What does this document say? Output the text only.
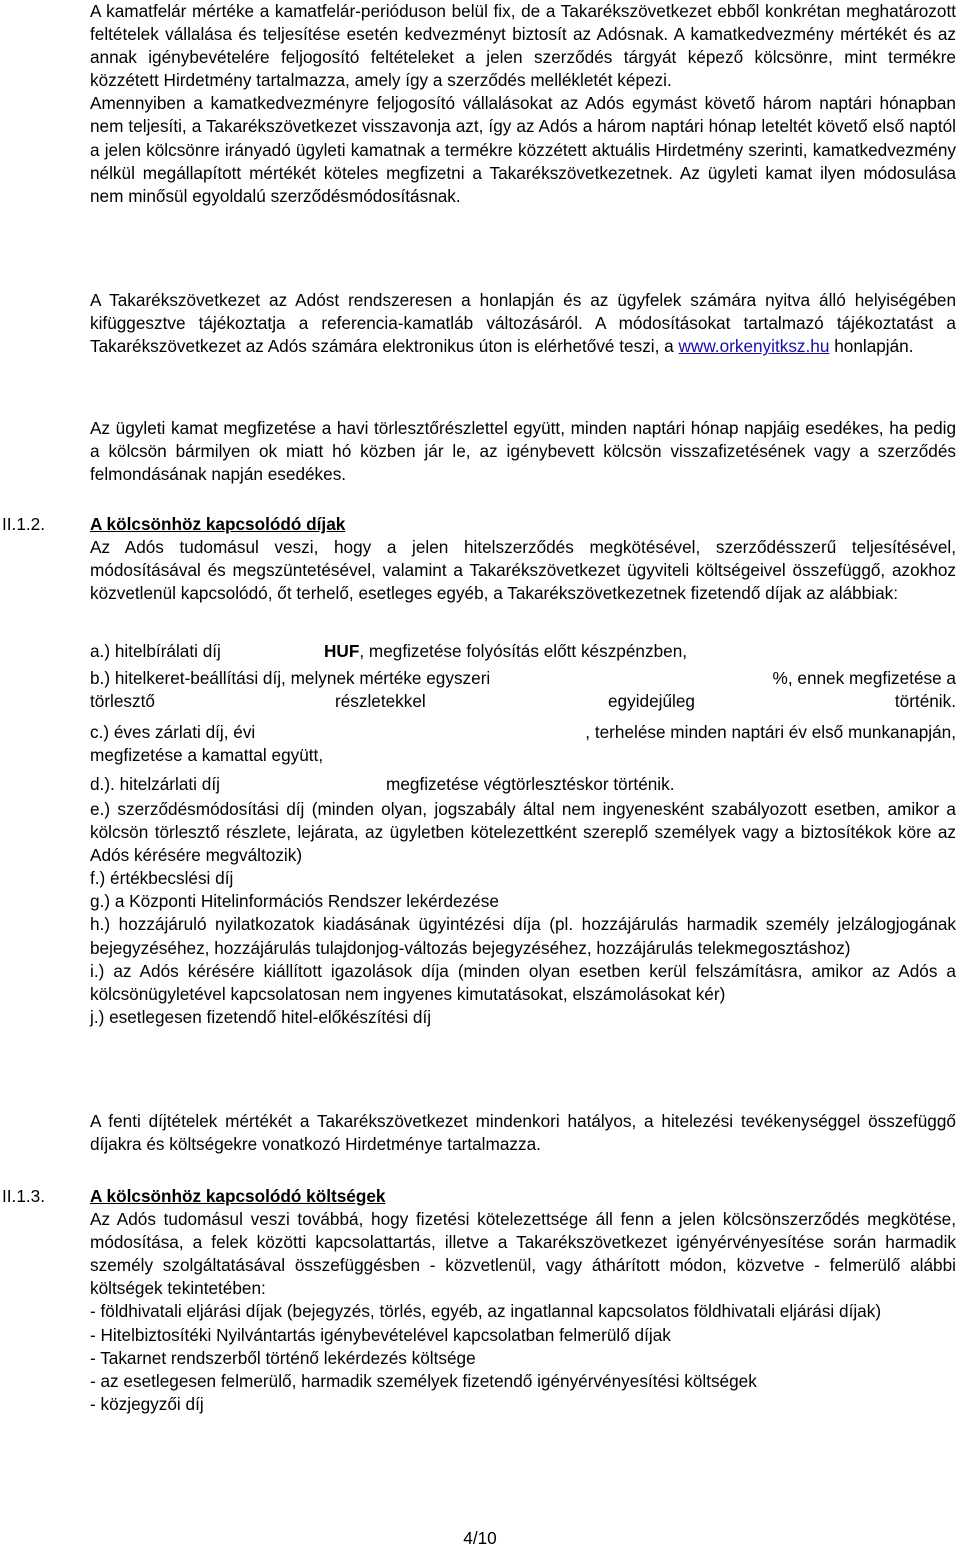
A kamatfelár mértéke a kamatfelár-perióduson belül fix, de a Takarékszövetkezet ebből konkrétan meghatározott feltételek vállalása és teljesítése esetén kedvezményt biztosít az Adósnak. A kamatkedvezmény mértékét és az annak igénybevételére feljogosító feltételeket a jelen szerződés tárgyát képező kölcsönre, mint termékre közzétett Hirdetmény tartalmazza, amely így a szerződés mellékletét képezi.

Amennyiben a kamatkedvezményre feljogosító vállalásokat az Adós egymást követő három naptári hónapban nem teljesíti, a Takarékszövetkezet visszavonja azt, így az Adós a három naptári hónap leteltét követő első naptól a jelen kölcsönre irányadó ügyleti kamatnak a termékre közzétett aktuális Hirdetmény szerinti, kamatkedvezmény nélkül megállapított mértékét köteles megfizetni a Takarékszövetkezetnek. Az ügyleti kamat ilyen módosulása nem minősül egyoldalú szerződésmódosításnak.

A Takarékszövetkezet az Adóst rendszeresen a honlapján és az ügyfelek számára nyitva álló helyiségében kifüggesztve tájékoztatja a referencia-kamatláb változásáról. A módosításokat tartalmazó tájékoztatást a Takarékszövetkezet az Adós számára elektronikus úton is elérhetővé teszi, a www.orkenyitksz.hu honlapján.

Az ügyleti kamat megfizetése a havi törlesztőrészlettel együtt, minden naptári hónap napjáig esedékes, ha pedig a kölcsön bármilyen ok miatt hó közben jár le, az igénybevett kölcsön visszafizetésének vagy a szerződés felmondásának napján esedékes.

II.1.2.	A kölcsönhöz kapcsolódó díjak

Az Adós tudomásul veszi, hogy a jelen hitelszerződés megkötésével, szerződésszerű teljesítésével, módosításával és megszüntetésével, valamint a Takarékszövetkezet ügyviteli költségeivel összefüggő, azokhoz közvetlenül kapcsolódó, őt terhelő, esetleges egyéb, a Takarékszövetkezetnek fizetendő díjak az alábbiak:

a.) hitelbírálati díj	HUF, megfizetése folyósítás előtt készpénzben,
b.) hitelkeret-beállítási díj, melynek mértéke egyszeri	%, ennek megfizetése a
törlesztő	részletekkel	egyidejűleg	történik.
c.) éves zárlati díj, évi	, terhelése minden naptári év első munkanapján,
megfizetése a kamattal együtt,
d.). hitelzárlati díj	megfizetése végtörlesztéskor történik.

e.) szerződésmódosítási díj (minden olyan, jogszabály által nem ingyenesként szabályozott esetben, amikor a kölcsön törlesztő részlete, lejárata, az ügyletben kötelezettként szereplő személyek vagy a biztosítékok köre az Adós kérésére megváltozik)

f.) értékbecslési díj

g.) a Központi Hitelinformációs Rendszer lekérdezése

h.) hozzájáruló nyilatkozatok kiadásának ügyintézési díja (pl. hozzájárulás harmadik személy jelzálogjogának bejegyzéséhez, hozzájárulás tulajdonjog-változás bejegyzéséhez, hozzájárulás telekmegosztáshoz)

i.) az Adós kérésére kiállított igazolások díja (minden olyan esetben kerül felszámításra, amikor az Adós a kölcsönügyletével kapcsolatosan nem ingyenes kimutatásokat, elszámolásokat kér)

j.) esetlegesen fizetendő hitel-előkészítési díj

A fenti díjtételek mértékét a Takarékszövetkezet mindenkori hatályos, a hitelezési tevékenységgel összefüggő díjakra és költségekre vonatkozó Hirdetménye tartalmazza.

II.1.3.	A kölcsönhöz kapcsolódó költségek

Az Adós tudomásul veszi továbbá, hogy fizetési kötelezettsége áll fenn a jelen kölcsönszerződés megkötése, módosítása, a felek közötti kapcsolattartás, illetve a Takarékszövetkezet igényérvényesítése során harmadik személy szolgáltatásával összefüggésben - közvetlenül, vagy áthárított módon, közvetve - felmerülő alábbi költségek tekintetében:

- földhivatali eljárási díjak (bejegyzés, törlés, egyéb, az ingatlannal kapcsolatos földhivatali eljárási díjak)

- Hitelbiztosítéki Nyilvántartás igénybevételével kapcsolatban felmerülő díjak

- Takarnet rendszerből történő lekérdezés költsége

- az esetlegesen felmerülő, harmadik személyek fizetendő igényérvényesítési költségek

- közjegyzői díj

4/10
